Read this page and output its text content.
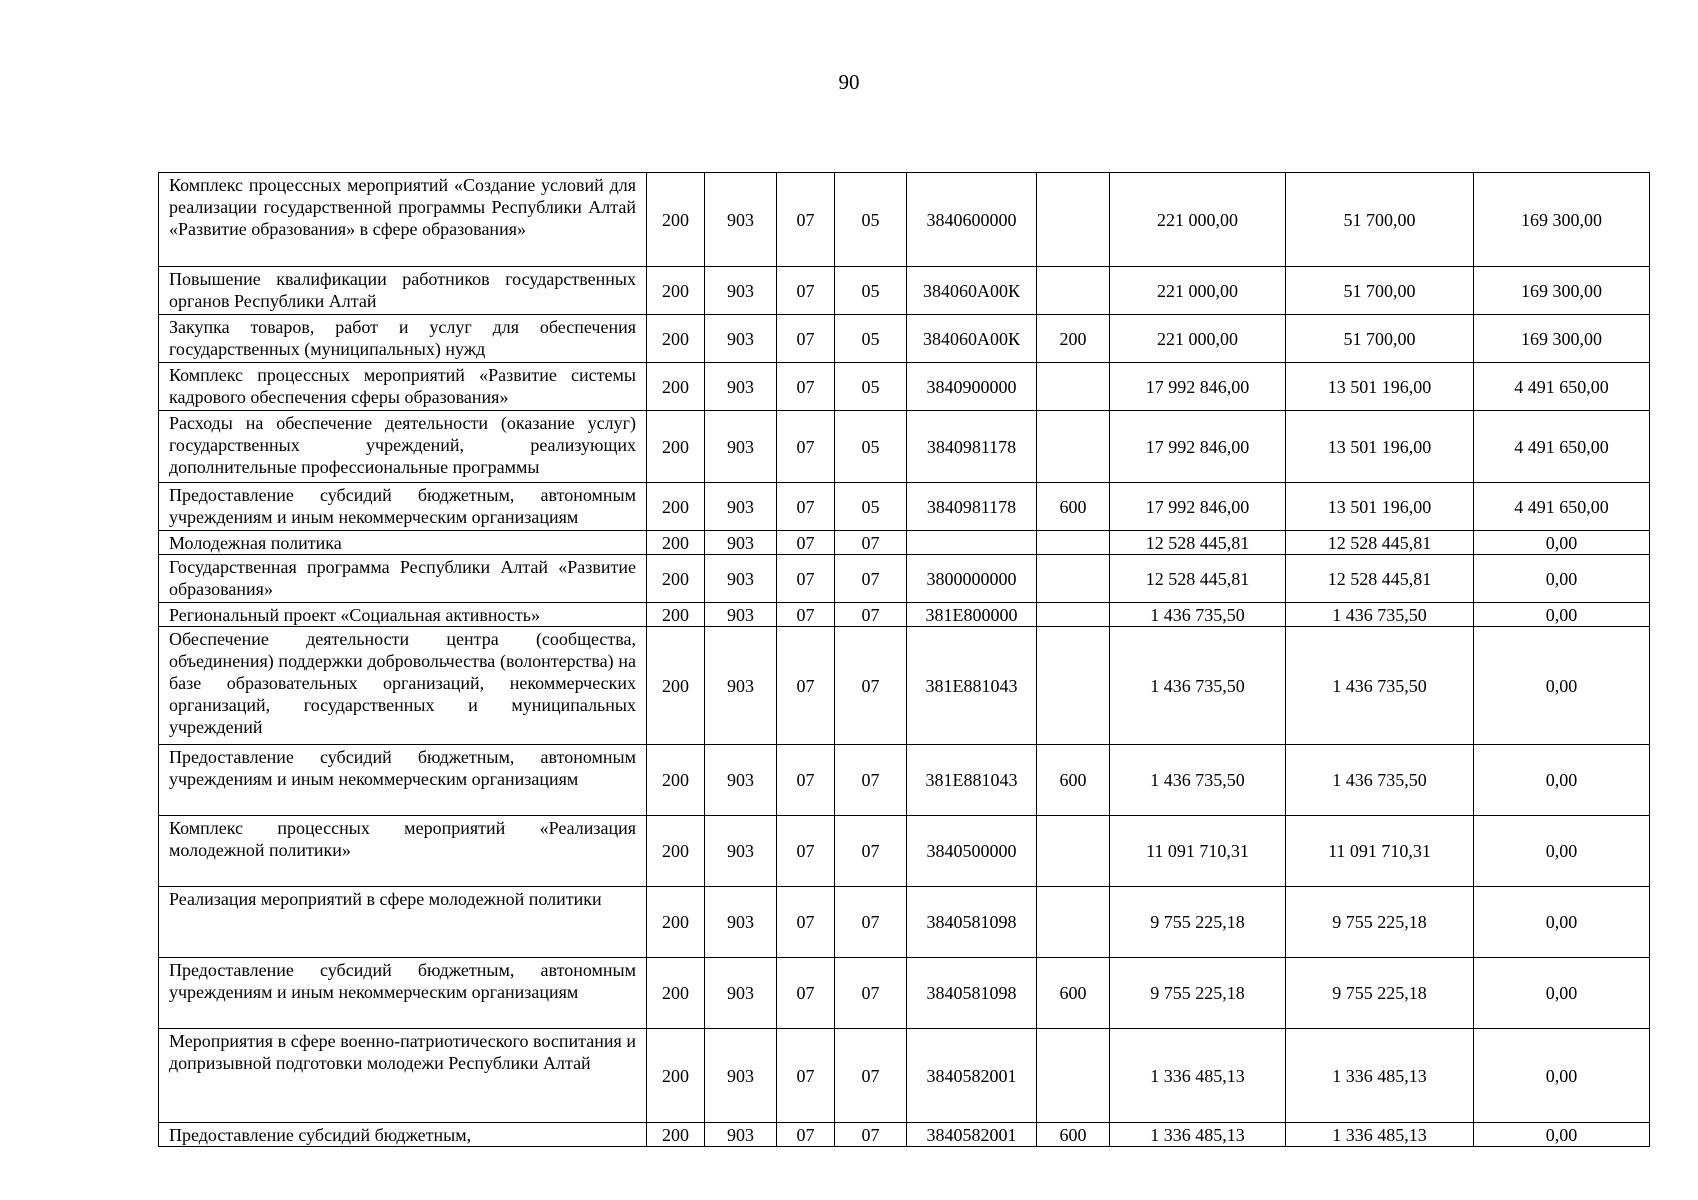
90
Комплекс процессных мероприятий «Создание условий для реализации государственной программы Республики Алтай «Развитие образования» в сфере образования»	200	903	07	05	3840600000		221 000,00	51 700,00	169 300,00
Повышение квалификации работников государственных органов Республики Алтай	200	903	07	05	384060А00К		221 000,00	51 700,00	169 300,00
Закупка товаров, работ и услуг для обеспечения государственных (муниципальных) нужд	200	903	07	05	384060А00К	200	221 000,00	51 700,00	169 300,00
Комплекс процессных мероприятий «Развитие системы кадрового обеспечения сферы образования»	200	903	07	05	3840900000		17 992 846,00	13 501 196,00	4 491 650,00
Расходы на обеспечение деятельности (оказание услуг) государственных учреждений, реализующих дополнительные профессиональные программы	200	903	07	05	3840981178		17 992 846,00	13 501 196,00	4 491 650,00
Предоставление субсидий бюджетным, автономным учреждениям и иным некоммерческим организациям	200	903	07	05	3840981178	600	17 992 846,00	13 501 196,00	4 491 650,00
Молодежная политика	200	903	07	07			12 528 445,81	12 528 445,81	0,00
Государственная программа Республики Алтай «Развитие образования»	200	903	07	07	3800000000		12 528 445,81	12 528 445,81	0,00
Региональный проект «Социальная активность»	200	903	07	07	381Е800000		1 436 735,50	1 436 735,50	0,00
Обеспечение деятельности центра (сообщества, объединения) поддержки добровольчества (волонтерства) на базе образовательных организаций, некоммерческих организаций, государственных и муниципальных учреждений	200	903	07	07	381Е881043		1 436 735,50	1 436 735,50	0,00
Предоставление субсидий бюджетным, автономным учреждениям и иным некоммерческим организациям	200	903	07	07	381Е881043	600	1 436 735,50	1 436 735,50	0,00
Комплекс процессных мероприятий «Реализация молодежной политики»	200	903	07	07	3840500000		11 091 710,31	11 091 710,31	0,00
Реализация мероприятий в сфере молодежной политики	200	903	07	07	3840581098		9 755 225,18	9 755 225,18	0,00
Предоставление субсидий бюджетным, автономным учреждениям и иным некоммерческим организациям	200	903	07	07	3840581098	600	9 755 225,18	9 755 225,18	0,00
Мероприятия в сфере военно-патриотического воспитания и допризывной подготовки молодежи Республики Алтай	200	903	07	07	3840582001		1 336 485,13	1 336 485,13	0,00
Предоставление субсидий бюджетным,	200	903	07	07	3840582001	600	1 336 485,13	1 336 485,13	0,00
